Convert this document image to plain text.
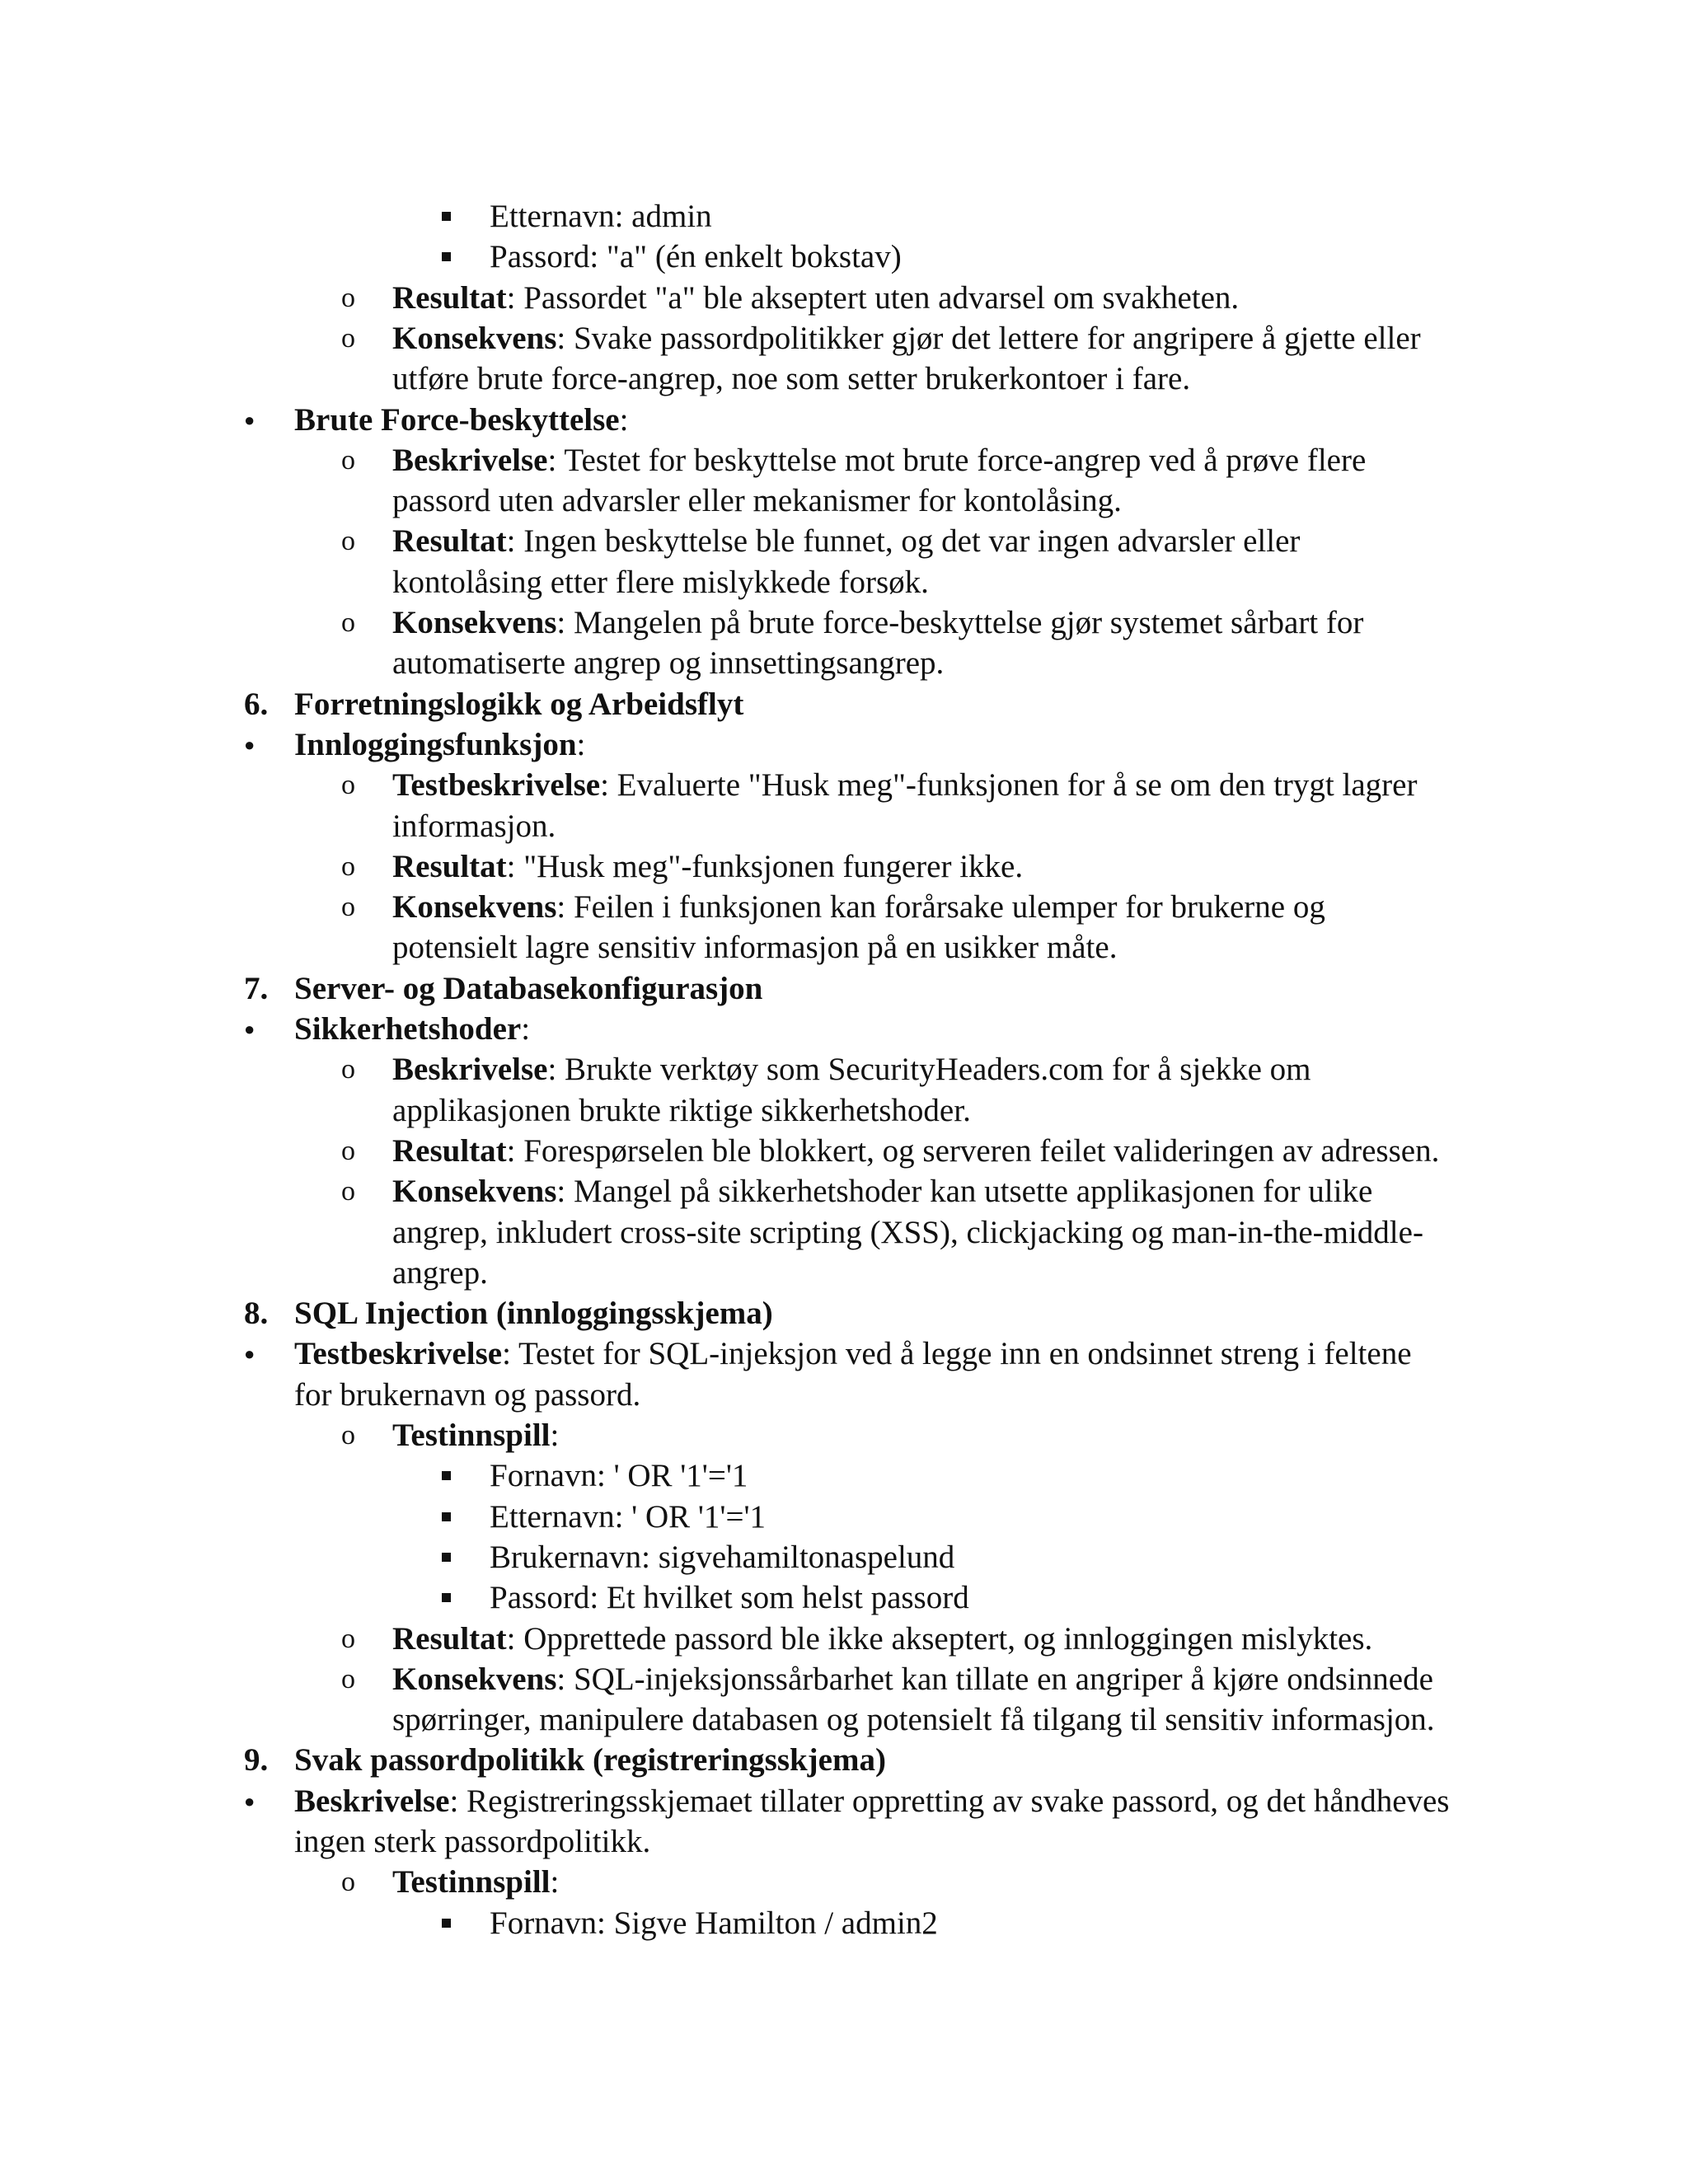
Etternavn: admin
Passord: "a" (én enkelt bokstav)
o Resultat: Passordet "a" ble akseptert uten advarsel om svakheten.
o Konsekvens: Svake passordpolitikker gjør det lettere for angripere å gjette eller
utføre brute force-angrep, noe som setter brukerkontoer i fare.
● Brute Force-beskyttelse:
o Beskrivelse: Testet for beskyttelse mot brute force-angrep ved å prøve flere
passord uten advarsler eller mekanismer for kontolåsing.
o Resultat: Ingen beskyttelse ble funnet, og det var ingen advarsler eller
kontolåsing etter flere mislykkede forsøk.
o Konsekvens: Mangelen på brute force-beskyttelse gjør systemet sårbart for
automatiserte angrep og innsettingsangrep.
6. Forretningslogikk og Arbeidsflyt
● Innloggingsfunksjon:
o Testbeskrivelse: Evaluerte "Husk meg"-funksjonen for å se om den trygt lagrer
informasjon.
o Resultat: "Husk meg"-funksjonen fungerer ikke.
o Konsekvens: Feilen i funksjonen kan forårsake ulemper for brukerne og
potensielt lagre sensitiv informasjon på en usikker måte.
7. Server- og Databasekonfigurasjon
● Sikkerhetshoder:
o Beskrivelse: Brukte verktøy som SecurityHeaders.com for å sjekke om
applikasjonen brukte riktige sikkerhetshoder.
o Resultat: Forespørselen ble blokkert, og serveren feilet valideringen av adressen.
o Konsekvens: Mangel på sikkerhetshoder kan utsette applikasjonen for ulike
angrep, inkludert cross-site scripting (XSS), clickjacking og man-in-the-middle-
angrep.
8. SQL Injection (innloggingsskjema)
● Testbeskrivelse: Testet for SQL-injeksjon ved å legge inn en ondsinnet streng i feltene
for brukernavn og passord.
o Testinnspill:
Fornavn: ' OR '1'='1
Etternavn: ' OR '1'='1
Brukernavn: sigvehamiltonaspelund
Passord: Et hvilket som helst passord
o Resultat: Opprettede passord ble ikke akseptert, og innloggingen mislyktes.
o Konsekvens: SQL-injeksjonssårbarhet kan tillate en angriper å kjøre ondsinnede
spørringer, manipulere databasen og potensielt få tilgang til sensitiv informasjon.
9. Svak passordpolitikk (registreringsskjema)
● Beskrivelse: Registreringsskjemaet tillater oppretting av svake passord, og det håndheves
ingen sterk passordpolitikk.
o Testinnspill:
Fornavn: Sigve Hamilton / admin2
